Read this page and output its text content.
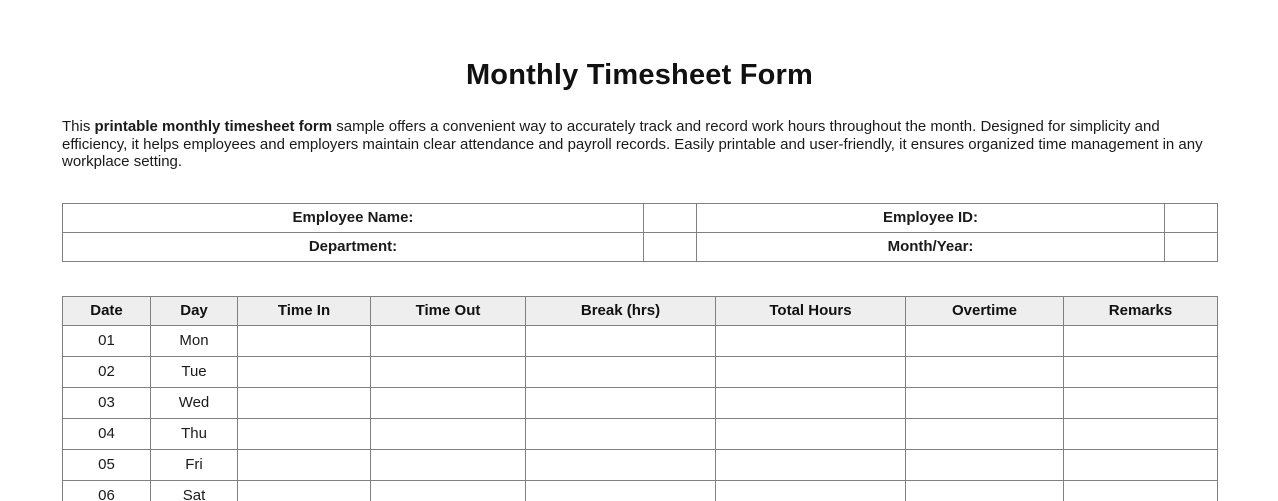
Monthly Timesheet Form

This printable monthly timesheet form sample offers a convenient way to accurately track and record work hours throughout the month. Designed for simplicity and efficiency, it helps employees and employers maintain clear attendance and payroll records. Easily printable and user-friendly, it ensures organized time management in any workplace setting.

Employee Name:		Employee ID:	
Department:		Month/Year:	
Date	Day	Time In	Time Out	Break (hrs)	Total Hours	Overtime	Remarks
01	Mon						
02	Tue						
03	Wed						
04	Thu						
05	Fri						
06	Sat						
